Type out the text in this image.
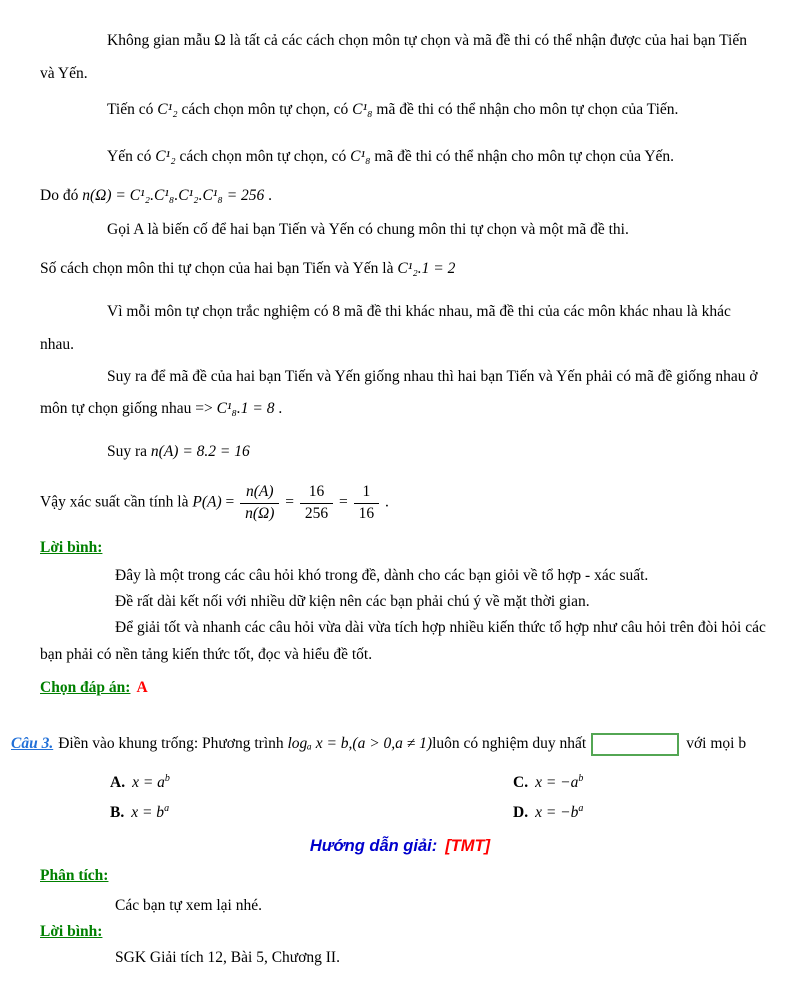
Không gian mẫu Ω là tất cả các cách chọn môn tự chọn và mã đề thi có thể nhận được của hai bạn Tiến
và Yến.
Tiến có C¹₂ cách chọn môn tự chọn, có C¹₈ mã đề thi có thể nhận cho môn tự chọn của Tiến.
Yến có C¹₂ cách chọn môn tự chọn, có C¹₈ mã đề thi có thể nhận cho môn tự chọn của Yến.
Do đó n(Ω) = C¹₂.C¹₈.C¹₂.C¹₈ = 256 .
Gọi A là biến cố để hai bạn Tiến và Yến có chung môn thi tự chọn và một mã đề thi.
Số cách chọn môn thi tự chọn của hai bạn Tiến và Yến là C¹₂.1 = 2
Vì mỗi môn tự chọn trắc nghiệm có 8 mã đề thi khác nhau, mã đề thi của các môn khác nhau là khác
nhau.
Suy ra để mã đề của hai bạn Tiến và Yến giống nhau thì hai bạn Tiến và Yến phải có mã đề giống nhau ở
môn tự chọn giống nhau => C¹₈.1 = 8 .
Suy ra n(A) = 8.2 = 16
Vậy xác suất cần tính là $P(A) = \frac{n(A)}{n(\Omega)} = \frac{16}{256} = \frac{1}{16}$ .
Lời bình:
Đây là một trong các câu hỏi khó trong đề, dành cho các bạn giỏi về tổ hợp - xác suất.
Đề rất dài kết nối với nhiều dữ kiện nên các bạn phải chú ý về mặt thời gian.
Để giải tốt và nhanh các câu hỏi vừa dài vừa tích hợp nhiều kiến thức tổ hợp như câu hỏi trên đòi hỏi các
bạn phải có nền tảng kiến thức tốt, đọc và hiểu đề tốt.
Chọn đáp án: A
Câu 3. Điền vào khung trống: Phương trình logₐ x = b,(a > 0,a ≠ 1)luôn có nghiệm duy nhất	với mọi b
A. $x = a^b$	C. $x = -a^b$
B. $x = b^a$	D. $x = -b^a$
Hướng dẫn giải: [TMT]
Phân tích:
Các bạn tự xem lại nhé.
Lời bình:
SGK Giải tích 12, Bài 5, Chương II.
